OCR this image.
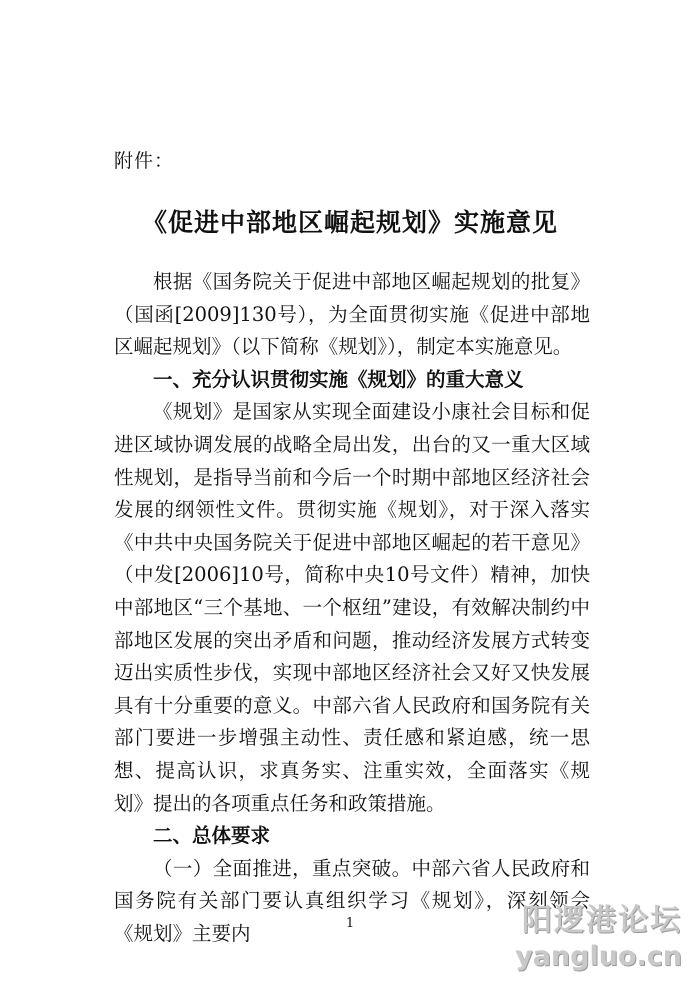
附件：
《促进中部地区崛起规划》实施意见

根据《国务院关于促进中部地区崛起规划的批复》（国函[2009]130号），为全面贯彻实施《促进中部地区崛起规划》（以下简称《规划》），制定本实施意见。

一、充分认识贯彻实施《规划》的重大意义

《规划》是国家从实现全面建设小康社会目标和促进区域协调发展的战略全局出发，出台的又一重大区域性规划，是指导当前和今后一个时期中部地区经济社会发展的纲领性文件。贯彻实施《规划》，对于深入落实《中共中央国务院关于促进中部地区崛起的若干意见》（中发[2006]10号，简称中央10号文件）精神，加快中部地区“三个基地、一个枢纽”建设，有效解决制约中部地区发展的突出矛盾和问题，推动经济发展方式转变迈出实质性步伐，实现中部地区经济社会又好又快发展具有十分重要的意义。中部六省人民政府和国务院有关部门要进一步增强主动性、责任感和紧迫感，统一思想、提高认识，求真务实、注重实效，全面落实《规划》提出的各项重点任务和政策措施。

二、总体要求

（一）全面推进，重点突破。中部六省人民政府和国务院有关部门要认真组织学习《规划》，深刻领会《规划》主要内	1	阳逻港论坛
yangluo.cn
